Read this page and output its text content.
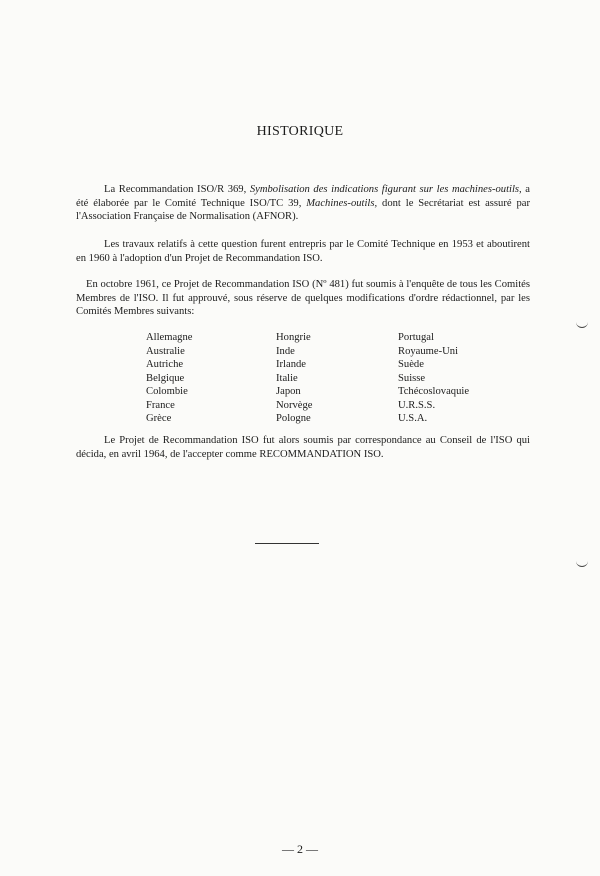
HISTORIQUE

La Recommandation ISO/R 369, Symbolisation des indications figurant sur les machines-outils, a été élaborée par le Comité Technique ISO/TC 39, Machines-outils, dont le Secrétariat est assuré par l'Association Française de Normalisation (AFNOR).

Les travaux relatifs à cette question furent entrepris par le Comité Technique en 1953 et aboutirent en 1960 à l'adoption d'un Projet de Recommandation ISO.

En octobre 1961, ce Projet de Recommandation ISO (Nº 481) fut soumis à l'enquête de tous les Comités Membres de l'ISO. Il fut approuvé, sous réserve de quelques modifications d'ordre rédactionnel, par les Comités Membres suivants:

Allemagne
Australie
Autriche
Belgique
Colombie
France
Grèce
Hongrie
Inde
Irlande
Italie
Japon
Norvège
Pologne
Portugal
Royaume-Uni
Suède
Suisse
Tchécoslovaquie
U.R.S.S.
U.S.A.

Le Projet de Recommandation ISO fut alors soumis par correspondance au Conseil de l'ISO qui décida, en avril 1964, de l'accepter comme RECOMMANDATION ISO.

— 2 —
